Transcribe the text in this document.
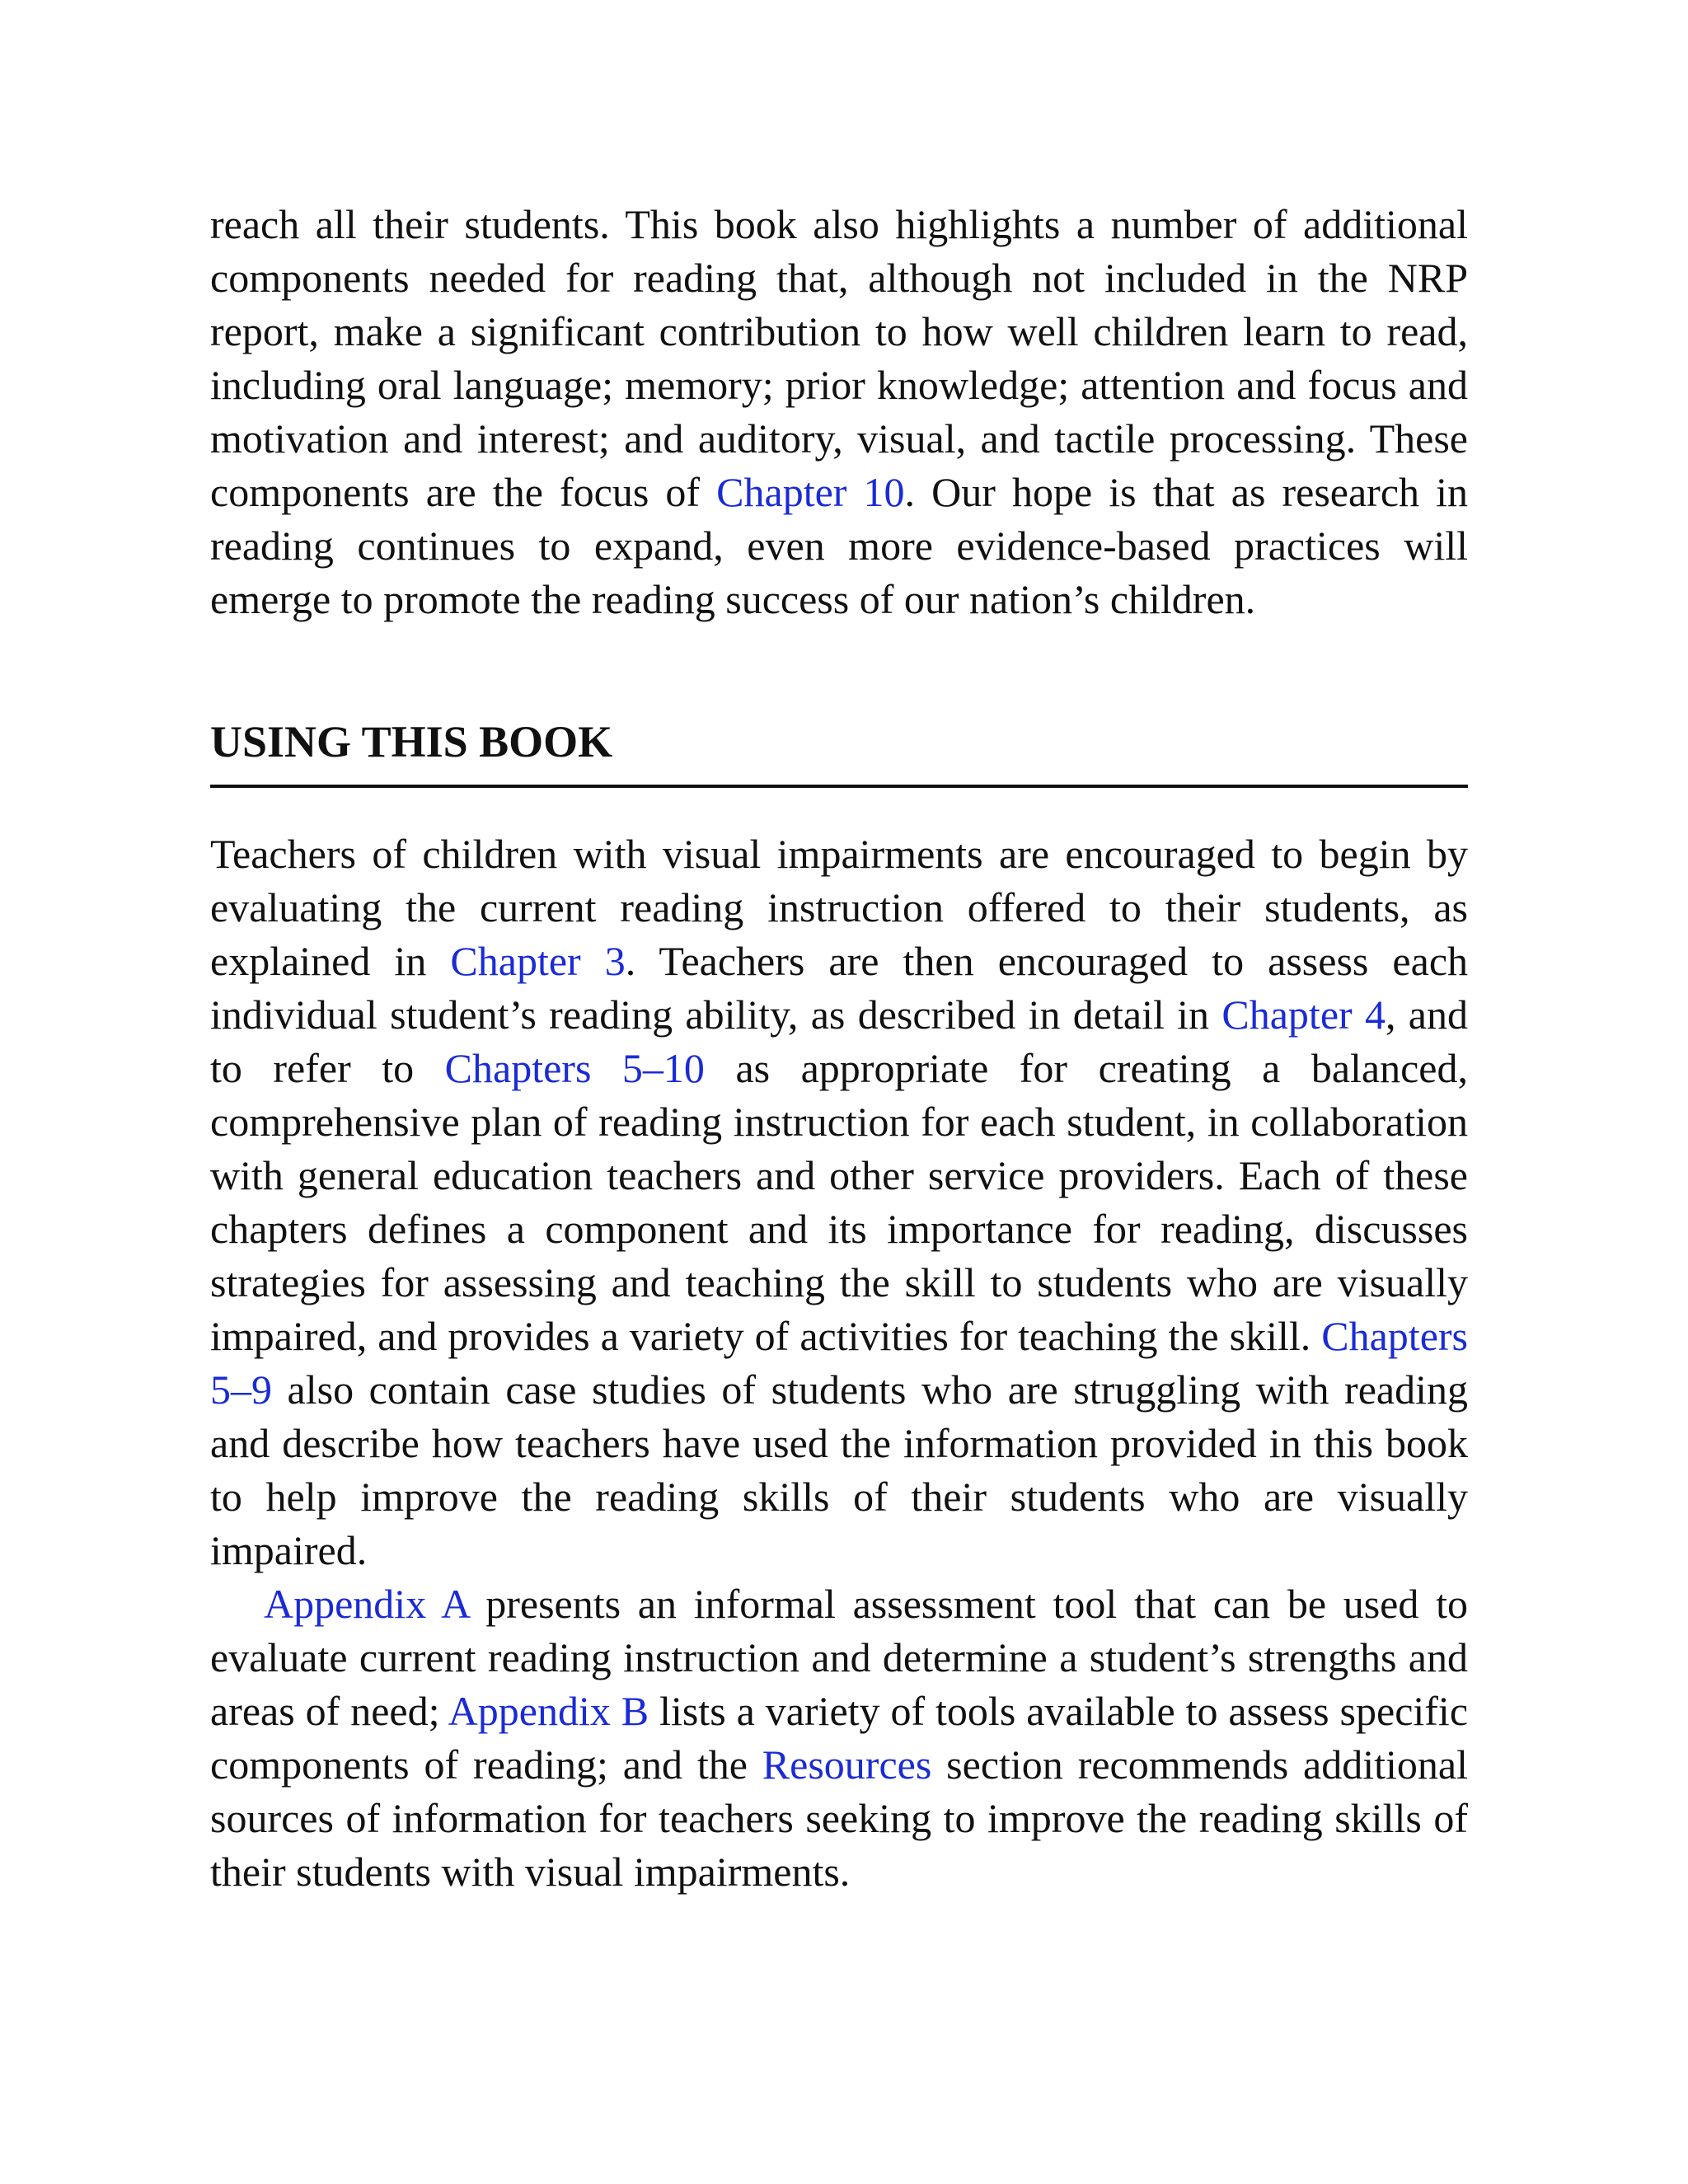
reach all their students. This book also highlights a number of additional components needed for reading that, although not included in the NRP report, make a significant contribution to how well children learn to read, including oral language; memory; prior knowledge; attention and focus and motivation and interest; and auditory, visual, and tactile processing. These components are the focus of Chapter 10. Our hope is that as research in reading continues to expand, even more evidence-based practices will emerge to promote the reading success of our nation’s children.

USING THIS BOOK

Teachers of children with visual impairments are encouraged to begin by evaluating the current reading instruction offered to their students, as explained in Chapter 3. Teachers are then encouraged to assess each individual student’s reading ability, as described in detail in Chapter 4, and to refer to Chapters 5–10 as appropriate for creating a balanced, comprehensive plan of reading instruction for each student, in collaboration with general education teachers and other service providers. Each of these chapters defines a component and its importance for reading, discusses strategies for assessing and teaching the skill to students who are visually impaired, and provides a variety of activities for teaching the skill. Chapters 5–9 also contain case studies of students who are struggling with reading and describe how teachers have used the information provided in this book to help improve the reading skills of their students who are visually impaired.

Appendix A presents an informal assessment tool that can be used to evaluate current reading instruction and determine a student’s strengths and areas of need; Appendix B lists a variety of tools available to assess specific components of reading; and the Resources section recommends additional sources of information for teachers seeking to improve the reading skills of their students with visual impairments.
